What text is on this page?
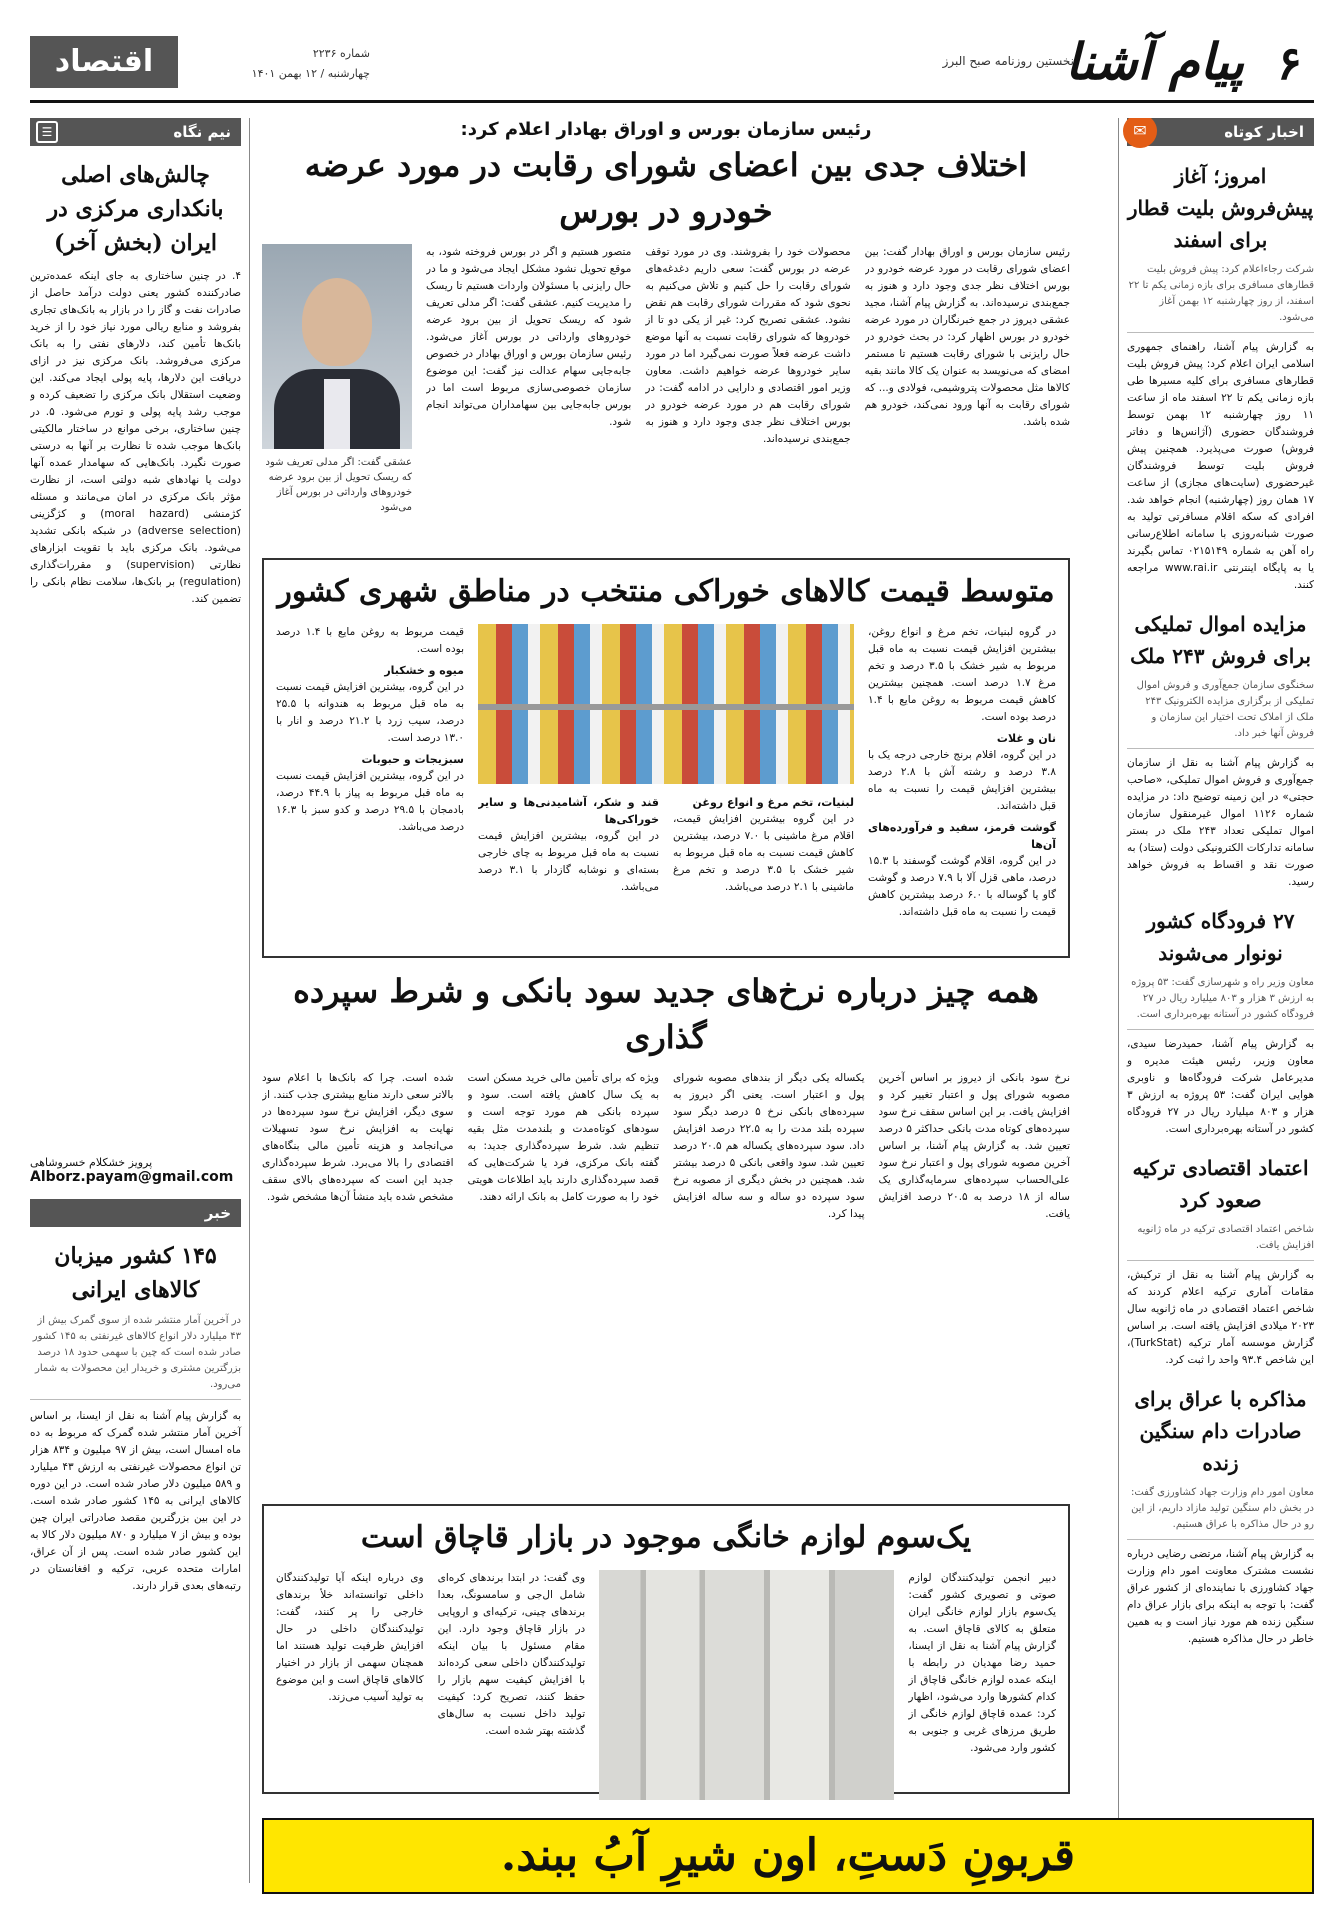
۶
پیام آشنا
نخستین روزنامه صبح البرز
شماره ۲۲۳۶
چهارشنبه / ۱۲ بهمن ۱۴۰۱
اقتصاد
اخبار کوتاه
✉
امروز؛ آغاز پیش‌فروش بلیت قطار برای اسفند

شرکت رجاءاعلام کرد: پیش فروش بلیت قطارهای مسافری برای بازه زمانی یکم تا ۲۲ اسفند، از روز چهارشنبه ۱۲ بهمن آغاز می‌شود.

به گزارش پیام آشنا، راهنمای جمهوری اسلامی ایران اعلام کرد: پیش فروش بلیت قطارهای مسافری برای کلیه مسیرها طی بازه زمانی یکم تا ۲۲ اسفند ماه از ساعت ۱۱ روز چهارشنبه ۱۲ بهمن توسط فروشندگان حضوری (آژانس‌ها و دفاتر فروش) صورت می‌پذیرد. همچنین پیش فروش بلیت توسط فروشندگان غیرحضوری (سایت‌های مجازی) از ساعت ۱۷ همان روز (چهارشنبه) انجام خواهد شد. افرادی که سکه اقلام مسافرتی تولید به صورت شبانه‌روزی با سامانه اطلاع‌رسانی راه آهن به شماره ۰۲۱۵۱۴۹ تماس بگیرند یا به پایگاه اینترنتی www.rai.ir مراجعه کنند.

مزایده اموال تملیکی برای فروش ۲۴۳ ملک

سخنگوی سازمان جمع‌آوری و فروش اموال تملیکی از برگزاری مزایده الکترونیک ۲۴۳ ملک از املاک تحت اختیار این سازمان و فروش آنها خبر داد.

به گزارش پیام آشنا به نقل از سازمان جمع‌آوری و فروش اموال تملیکی، «صاحب حجتی» در این زمینه توضیح داد: در مزایده شماره ۱۱۲۶ اموال غیرمنقول سازمان اموال تملیکی تعداد ۲۴۳ ملک در بستر سامانه تدارکات الکترونیکی دولت (ستاد) به صورت نقد و اقساط به فروش خواهد رسید.

۲۷ فرودگاه کشور نونوار می‌شوند

معاون وزیر راه و شهرسازی گفت: ۵۳ پروژه به ارزش ۳ هزار و ۸۰۳ میلیارد ریال در ۲۷ فرودگاه کشور در آستانه بهره‌برداری است.

به گزارش پیام آشنا، حمیدرضا سیدی، معاون وزیر، رئیس هیئت مدیره و مدیرعامل شرکت فرودگاه‌ها و ناوبری هوایی ایران گفت: ۵۳ پروژه به ارزش ۳ هزار و ۸۰۳ میلیارد ریال در ۲۷ فرودگاه کشور در آستانه بهره‌برداری است.

اعتماد اقتصادی ترکیه صعود کرد

شاخص اعتماد اقتصادی ترکیه در ماه ژانویه افزایش یافت.

به گزارش پیام آشنا به نقل از ترکیش، مقامات آماری ترکیه اعلام کردند که شاخص اعتماد اقتصادی در ماه ژانویه سال ۲۰۲۳ میلادی افزایش یافته است. بر اساس گزارش موسسه آمار ترکیه (TurkStat)، این شاخص ۹۳.۴ واحد را ثبت کرد.

مذاکره با عراق برای صادرات دام سنگین زنده

معاون امور دام وزارت جهاد کشاورزی گفت: در بخش دام سنگین تولید مازاد داریم، از این رو در حال مذاکره با عراق هستیم.

به گزارش پیام آشنا، مرتضی رضایی درباره نشست مشترک معاونت امور دام وزارت جهاد کشاورزی با نماینده‌ای از کشور عراق گفت: با توجه به اینکه برای بازار عراق دام سنگین زنده هم مورد نیاز است و به همین خاطر در حال مذاکره هستیم.

رئیس سازمان بورس و اوراق بهادار اعلام کرد:
اختلاف جدی بین اعضای شورای رقابت در مورد عرضه خودرو در بورس
رئیس سازمان بورس و اوراق بهادار گفت: بین اعضای شورای رقابت در مورد عرضه خودرو در بورس اختلاف نظر جدی وجود دارد و هنوز به جمع‌بندی نرسیده‌اند. به گزارش پیام آشنا، مجید عشقی دیروز در جمع خبرنگاران در مورد عرضه خودرو در بورس اظهار کرد: در بحث خودرو در حال رایزنی با شورای رقابت هستیم تا مستمر امضای که می‌نویسد به عنوان یک کالا مانند بقیه کالاها مثل محصولات پتروشیمی، فولادی و... که شورای رقابت به آنها ورود نمی‌کند، خودرو هم شده باشد.
محصولات خود را بفروشند. وی در مورد توقف عرضه در بورس گفت: سعی داریم دغدغه‌های شورای رقابت را حل کنیم و تلاش می‌کنیم به نحوی شود که مقررات شورای رقابت هم نقض نشود. عشقی تصریح کرد: غیر از یکی دو تا از خودروها که شورای رقابت نسبت به آنها موضع داشت عرضه فعلاً صورت نمی‌گیرد اما در مورد سایر خودروها عرضه خواهیم داشت. معاون وزیر امور اقتصادی و دارایی در ادامه گفت: در شورای رقابت هم در مورد عرضه خودرو در بورس اختلاف نظر جدی وجود دارد و هنوز به جمع‌بندی نرسیده‌اند.
متصور هستیم و اگر در بورس فروخته شود، به موقع تحویل نشود مشکل ایجاد می‌شود و ما در حال رایزنی با مسئولان واردات هستیم تا ریسک را مدیریت کنیم. عشقی گفت: اگر مدلی تعریف شود که ریسک تحویل از بین برود عرضه خودروهای وارداتی در بورس آغاز می‌شود. رئیس سازمان بورس و اوراق بهادار در خصوص جابه‌جایی سهام عدالت نیز گفت: این موضوع سازمان خصوصی‌سازی مربوط است اما در بورس جابه‌جایی بین سهامداران می‌تواند انجام شود.

عشقی گفت: اگر مدلی تعریف شود که ریسک تحویل از بین برود عرضه خودروهای وارداتی در بورس آغاز می‌شود

متوسط قیمت کالاهای خوراکی منتخب در مناطق شهری کشور

در گروه لبنیات، تخم مرغ و انواع روغن، بیشترین افزایش قیمت نسبت به ماه قبل مربوط به شیر خشک با ۳.۵ درصد و تخم مرغ ۱.۷ درصد است. همچنین بیشترین کاهش قیمت مربوط به روغن مایع با ۱.۴ درصد بوده است.

نان و غلات

در این گروه، اقلام برنج خارجی درجه یک با ۳.۸ درصد و رشته آش با ۲.۸ درصد بیشترین افزایش قیمت را نسبت به ماه قبل داشته‌اند.

گوشت قرمز، سفید و فرآورده‌های آن‌ها

در این گروه، اقلام گوشت گوسفند با ۱۵.۳ درصد، ماهی قزل آلا با ۷.۹ درصد و گوشت گاو یا گوساله با ۶.۰ درصد بیشترین کاهش قیمت را نسبت به ماه قبل داشته‌اند.

لبنیات، تخم مرغ و انواع روغن

در این گروه بیشترین افزایش قیمت، اقلام مرغ ماشینی با ۷.۰ درصد، بیشترین کاهش قیمت نسبت به ماه قبل مربوط به شیر خشک با ۳.۵ درصد و تخم مرغ ماشینی با ۲.۱ درصد می‌باشد.

قند و شکر، آشامیدنی‌ها و سایر خوراکی‌ها

در این گروه، بیشترین افزایش قیمت نسبت به ماه قبل مربوط به چای خارجی بسته‌ای و نوشابه گازدار با ۳.۱ درصد می‌باشد.

قیمت مربوط به روغن مایع با ۱.۴ درصد بوده است.

میوه و خشکبار

در این گروه، بیشترین افزایش قیمت نسبت به ماه قبل مربوط به هندوانه با ۲۵.۵ درصد، سیب زرد با ۲۱.۲ درصد و انار با ۱۳.۰ درصد است.

سبزیجات و حبوبات

در این گروه، بیشترین افزایش قیمت نسبت به ماه قبل مربوط به پیاز با ۴۴.۹ درصد، بادمجان با ۲۹.۵ درصد و کدو سبز با ۱۶.۳ درصد می‌باشد.

همه چیز درباره نرخ‌های جدید سود بانکی و شرط سپرده گذاری
نرخ سود بانکی از دیروز بر اساس آخرین مصوبه شورای پول و اعتبار تغییر کرد و افزایش یافت. بر این اساس سقف نرخ سود سپرده‌های کوتاه مدت بانکی حداکثر ۵ درصد تعیین شد. به گزارش پیام آشنا، بر اساس آخرین مصوبه شورای پول و اعتبار نرخ سود علی‌الحساب سپرده‌های سرمایه‌گذاری یک ساله از ۱۸ درصد به ۲۰.۵ درصد افزایش یافت.
یکساله یکی دیگر از بندهای مصوبه شورای پول و اعتبار است. یعنی اگر دیروز به سپرده‌های بانکی نرخ ۵ درصد دیگر سود سپرده بلند مدت را به ۲۲.۵ درصد افزایش داد. سود سپرده‌های یکساله هم ۲۰.۵ درصد تعیین شد. سود واقعی بانکی ۵ درصد بیشتر شد. همچنین در بخش دیگری از مصوبه نرخ سود سپرده دو ساله و سه ساله افزایش پیدا کرد.
ویژه که برای تأمین مالی خرید مسکن است به یک سال کاهش یافته است. سود و سپرده بانکی هم مورد توجه است و سودهای کوتاه‌مدت و بلندمدت مثل بقیه تنظیم شد. شرط سپرده‌گذاری جدید: به گفته بانک مرکزی، فرد یا شرکت‌هایی که قصد سپرده‌گذاری دارند باید اطلاعات هویتی خود را به صورت کامل به بانک ارائه دهند.
شده است. چرا که بانک‌ها با اعلام سود بالاتر سعی دارند منابع بیشتری جذب کنند. از سوی دیگر، افزایش نرخ سود سپرده‌ها در نهایت به افزایش نرخ سود تسهیلات می‌انجامد و هزینه تأمین مالی بنگاه‌های اقتصادی را بالا می‌برد. شرط سپرده‌گذاری جدید این است که سپرده‌های بالای سقف مشخص شده باید منشأ آن‌ها مشخص شود.
یک‌سوم لوازم خانگی موجود در بازار قاچاق است
دبیر انجمن تولیدکنندگان لوازم صوتی و تصویری کشور گفت: یک‌سوم بازار لوازم خانگی ایران متعلق به کالای قاچاق است. به گزارش پیام آشنا به نقل از ایسنا، حمید رضا مهدیان در رابطه با اینکه عمده لوازم خانگی قاچاق از کدام کشورها وارد می‌شود، اظهار کرد: عمده قاچاق لوازم خانگی از طریق مرزهای غربی و جنوبی به کشور وارد می‌شود.
وی گفت: در ابتدا برندهای کره‌ای شامل ال‌جی و سامسونگ، بعدا برندهای چینی، ترکیه‌ای و اروپایی در بازار قاچاق وجود دارد. این مقام مسئول با بیان اینکه تولیدکنندگان داخلی سعی کرده‌اند با افزایش کیفیت سهم بازار را حفظ کنند، تصریح کرد: کیفیت تولید داخل نسبت به سال‌های گذشته بهتر شده است.
وی درباره اینکه آیا تولیدکنندگان داخلی توانسته‌اند خلأ برندهای خارجی را پر کنند، گفت: تولیدکنندگان داخلی در حال افزایش ظرفیت تولید هستند اما همچنان سهمی از بازار در اختیار کالاهای قاچاق است و این موضوع به تولید آسیب می‌زند.
نیم نگاه
☰
چالش‌های اصلی بانکداری مرکزی در ایران (بخش آخر)

۴. در چنین ساختاری به جای اینکه عمده‌ترین صادرکننده کشور یعنی دولت درآمد حاصل از صادرات نفت و گاز را در بازار به بانک‌های تجاری بفروشد و منابع ریالی مورد نیاز خود را از خرید بانک‌ها تأمین کند، دلارهای نفتی را به بانک مرکزی می‌فروشد. بانک مرکزی نیز در ازای دریافت این دلارها، پایه پولی ایجاد می‌کند. این وضعیت استقلال بانک مرکزی را تضعیف کرده و موجب رشد پایه پولی و تورم می‌شود. ۵. در چنین ساختاری، برخی موانع در ساختار مالکیتی بانک‌ها موجب شده تا نظارت بر آنها به درستی صورت نگیرد. بانک‌هایی که سهامدار عمده آنها دولت یا نهادهای شبه دولتی است، از نظارت مؤثر بانک مرکزی در امان می‌مانند و مسئله کژمنشی (moral hazard) و کژگزینی (adverse selection) در شبکه بانکی تشدید می‌شود. بانک مرکزی باید با تقویت ابزارهای نظارتی (supervision) و مقررات‌گذاری (regulation) بر بانک‌ها، سلامت نظام بانکی را تضمین کند.

پرویز خشکلام خسروشاهی

Alborz.payam@gmail.com

خبر
۱۴۵ کشور میزبان کالاهای ایرانی

در آخرین آمار منتشر شده از سوی گمرک بیش از ۴۳ میلیارد دلار انواع کالاهای غیرنفتی به ۱۴۵ کشور صادر شده است که چین با سهمی حدود ۱۸ درصد بزرگترین مشتری و خریدار این محصولات به شمار می‌رود.

به گزارش پیام آشنا به نقل از ایسنا، بر اساس آخرین آمار منتشر شده گمرک که مربوط به ده ماه امسال است، بیش از ۹۷ میلیون و ۸۳۴ هزار تن انواع محصولات غیرنفتی به ارزش ۴۳ میلیارد و ۵۸۹ میلیون دلار صادر شده است. در این دوره کالاهای ایرانی به ۱۴۵ کشور صادر شده است. در این بین بزرگترین مقصد صادراتی ایران چین بوده و بیش از ۷ میلیارد و ۸۷۰ میلیون دلار کالا به این کشور صادر شده است. پس از آن عراق، امارات متحده عربی، ترکیه و افغانستان در رتبه‌های بعدی قرار دارند.

قربونِ دَستِ، اون شیرِ آبُ ببند.
